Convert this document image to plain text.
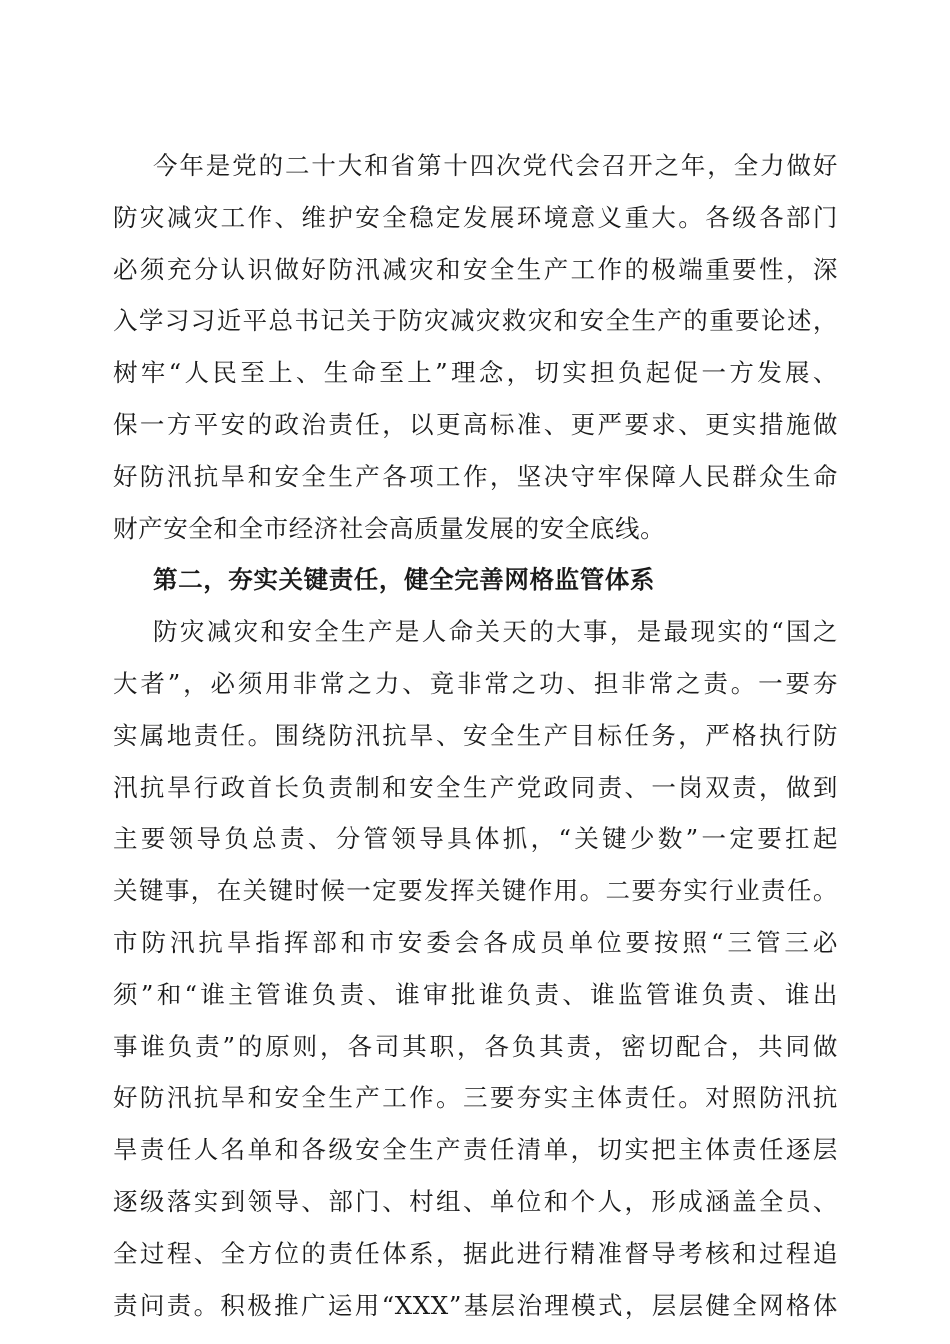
今年是党的二十大和省第十四次党代会召开之年，全力做好
防灾减灾工作、维护安全稳定发展环境意义重大。各级各部门
必须充分认识做好防汛减灾和安全生产工作的极端重要性，深
入学习习近平总书记关于防灾减灾救灾和安全生产的重要论述，
树牢“人民至上、生命至上”理念，切实担负起促一方发展、
保一方平安的政治责任，以更高标准、更严要求、更实措施做
好防汛抗旱和安全生产各项工作，坚决守牢保障人民群众生命
财产安全和全市经济社会高质量发展的安全底线。
第二，夯实关键责任，健全完善网格监管体系
防灾减灾和安全生产是人命关天的大事，是最现实的“国之
大者”，必须用非常之力、竟非常之功、担非常之责。一要夯
实属地责任。围绕防汛抗旱、安全生产目标任务，严格执行防
汛抗旱行政首长负责制和安全生产党政同责、一岗双责，做到
主要领导负总责、分管领导具体抓，“关键少数”一定要扛起
关键事，在关键时候一定要发挥关键作用。二要夯实行业责任。
市防汛抗旱指挥部和市安委会各成员单位要按照“三管三必
须”和“谁主管谁负责、谁审批谁负责、谁监管谁负责、谁出
事谁负责”的原则，各司其职，各负其责，密切配合，共同做
好防汛抗旱和安全生产工作。三要夯实主体责任。对照防汛抗
旱责任人名单和各级安全生产责任清单，切实把主体责任逐层
逐级落实到领导、部门、村组、单位和个人，形成涵盖全员、
全过程、全方位的责任体系，据此进行精准督导考核和过程追
责问责。积极推广运用“XXX”基层治理模式，层层健全网格体
